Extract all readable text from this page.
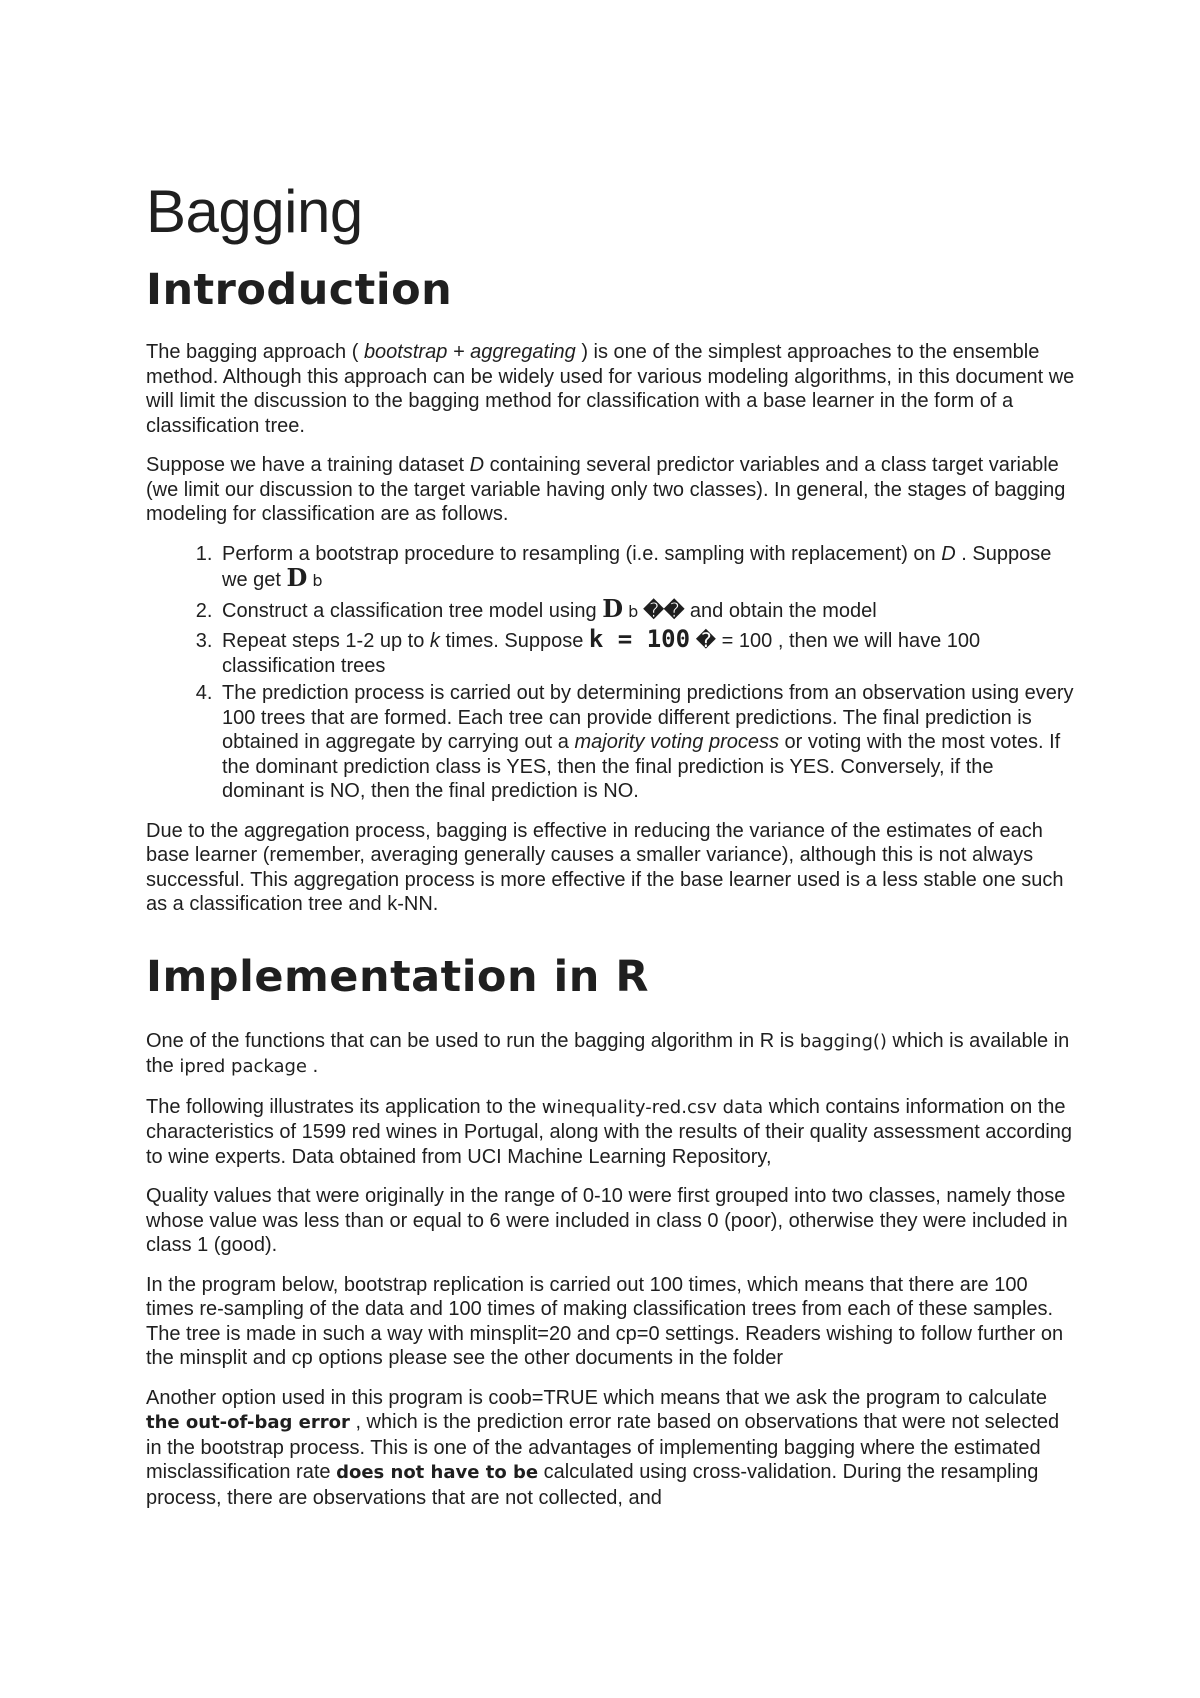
Bagging
Introduction

The bagging approach ( bootstrap + aggregating ) is one of the simplest approaches to the ensemble method. Although this approach can be widely used for various modeling algorithms, in this document we will limit the discussion to the bagging method for classification with a base learner in the form of a classification tree.

Suppose we have a training dataset D containing several predictor variables and a class target variable (we limit our discussion to the target variable having only two classes). In general, the stages of bagging modeling for classification are as follows.

1. Perform a bootstrap procedure to resampling (i.e. sampling with replacement) on D . Suppose we get D b
2. Construct a classification tree model using D b �� and obtain the model
3. Repeat steps 1-2 up to k times. Suppose k = 100 � = 100 , then we will have 100 classification trees
4. The prediction process is carried out by determining predictions from an observation using every 100 trees that are formed. Each tree can provide different predictions. The final prediction is obtained in aggregate by carrying out a majority voting process or voting with the most votes. If the dominant prediction class is YES, then the final prediction is YES. Conversely, if the dominant is NO, then the final prediction is NO.

Due to the aggregation process, bagging is effective in reducing the variance of the estimates of each base learner (remember, averaging generally causes a smaller variance), although this is not always successful. This aggregation process is more effective if the base learner used is a less stable one such as a classification tree and k-NN.

Implementation in R

One of the functions that can be used to run the bagging algorithm in R is bagging() which is available in the ipred package .

The following illustrates its application to the winequality-red.csv data which contains information on the characteristics of 1599 red wines in Portugal, along with the results of their quality assessment according to wine experts. Data obtained from UCI Machine Learning Repository,

Quality values that were originally in the range of 0-10 were first grouped into two classes, namely those whose value was less than or equal to 6 were included in class 0 (poor), otherwise they were included in class 1 (good).

In the program below, bootstrap replication is carried out 100 times, which means that there are 100 times re-sampling of the data and 100 times of making classification trees from each of these samples. The tree is made in such a way with minsplit=20 and cp=0 settings. Readers wishing to follow further on the minsplit and cp options please see the other documents in the folder

Another option used in this program is coob=TRUE which means that we ask the program to calculate the out-of-bag error , which is the prediction error rate based on observations that were not selected in the bootstrap process. This is one of the advantages of implementing bagging where the estimated misclassification rate does not have to be calculated using cross-validation. During the resampling process, there are observations that are not collected, and
